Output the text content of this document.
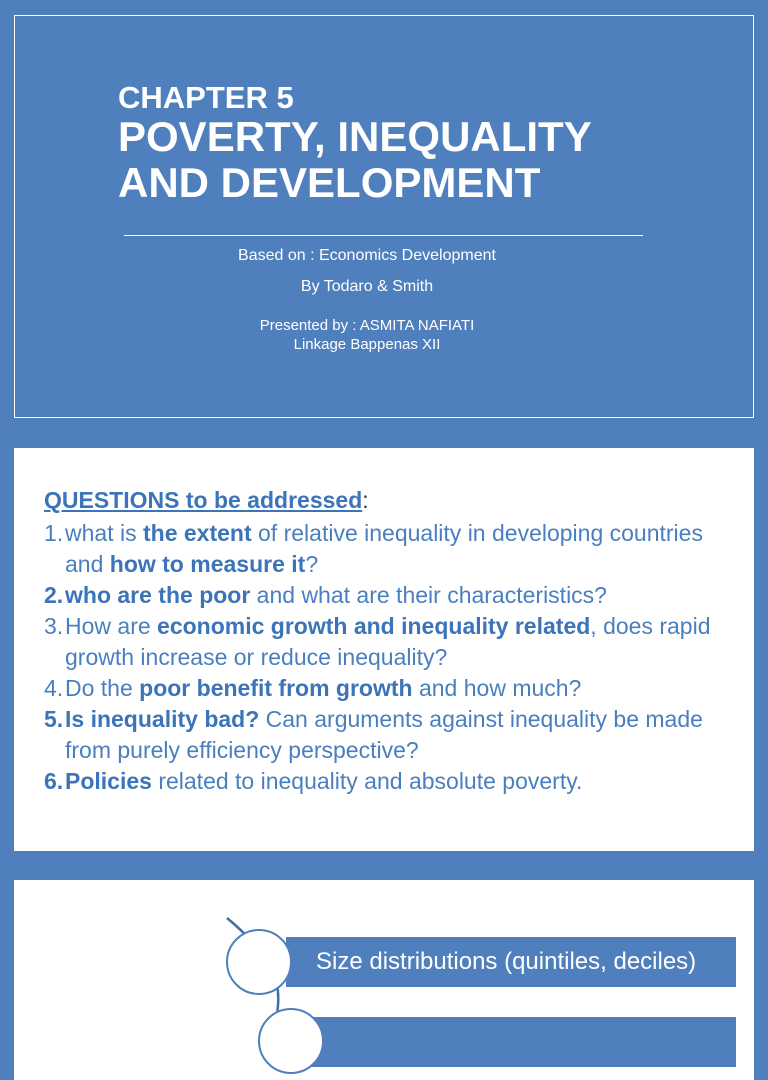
CHAPTER 5
POVERTY, INEQUALITY
AND DEVELOPMENT
Based on : Economics Development
By Todaro & Smith
Presented by : ASMITA NAFIATI
Linkage Bappenas XII
QUESTIONS to be addressed:
1. what is the extent of relative inequality in developing countries and how to measure it?
2. who are the poor and what are their characteristics?
3. How are economic growth and inequality related, does rapid growth increase or reduce inequality?
4. Do the poor benefit from growth and how much?
5. Is inequality bad? Can arguments against inequality be made from purely efficiency perspective?
6. Policies related to inequality and absolute poverty.
Size distributions (quintiles, deciles)
